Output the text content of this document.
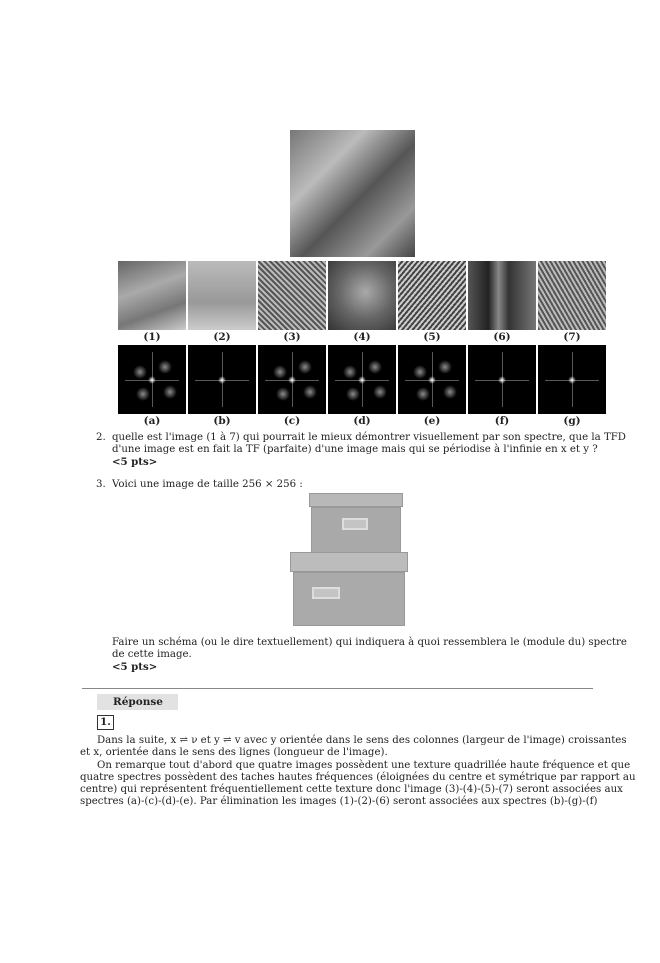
(1)	(2)	(3)	(4)	(5)	(6)	(7)
(a)	(b)	(c)	(d)	(e)	(f)	(g)
2. quelle est l'image (1 à 7) qui pourrait le mieux démontrer visuellement par son spectre, que la TFD
d'une image est en fait la TF (parfaite) d'une image mais qui se périodise à l'infinie en x et y ?
<5 pts>
3. Voici une image de taille 256 × 256 :
Faire un schéma (ou le dire textuellement) qui indiquera à quoi ressemblera le (module du) spectre
de cette image.
<5 pts>
Réponse
1.
Dans la suite, x ⇌ ν et y ⇌ v avec y orientée dans le sens des colonnes (largeur de l'image) croissantes
et x, orientée dans le sens des lignes (longueur de l'image).
On remarque tout d'abord que quatre images possèdent une texture quadrillée haute fréquence et que
quatre spectres possèdent des taches hautes fréquences (éloignées du centre et symétrique par rapport au
centre) qui représentent fréquentiellement cette texture donc l'image (3)-(4)-(5)-(7) seront associées aux
spectres (a)-(c)-(d)-(e). Par élimination les images (1)-(2)-(6) seront associées aux spectres (b)-(g)-(f)
